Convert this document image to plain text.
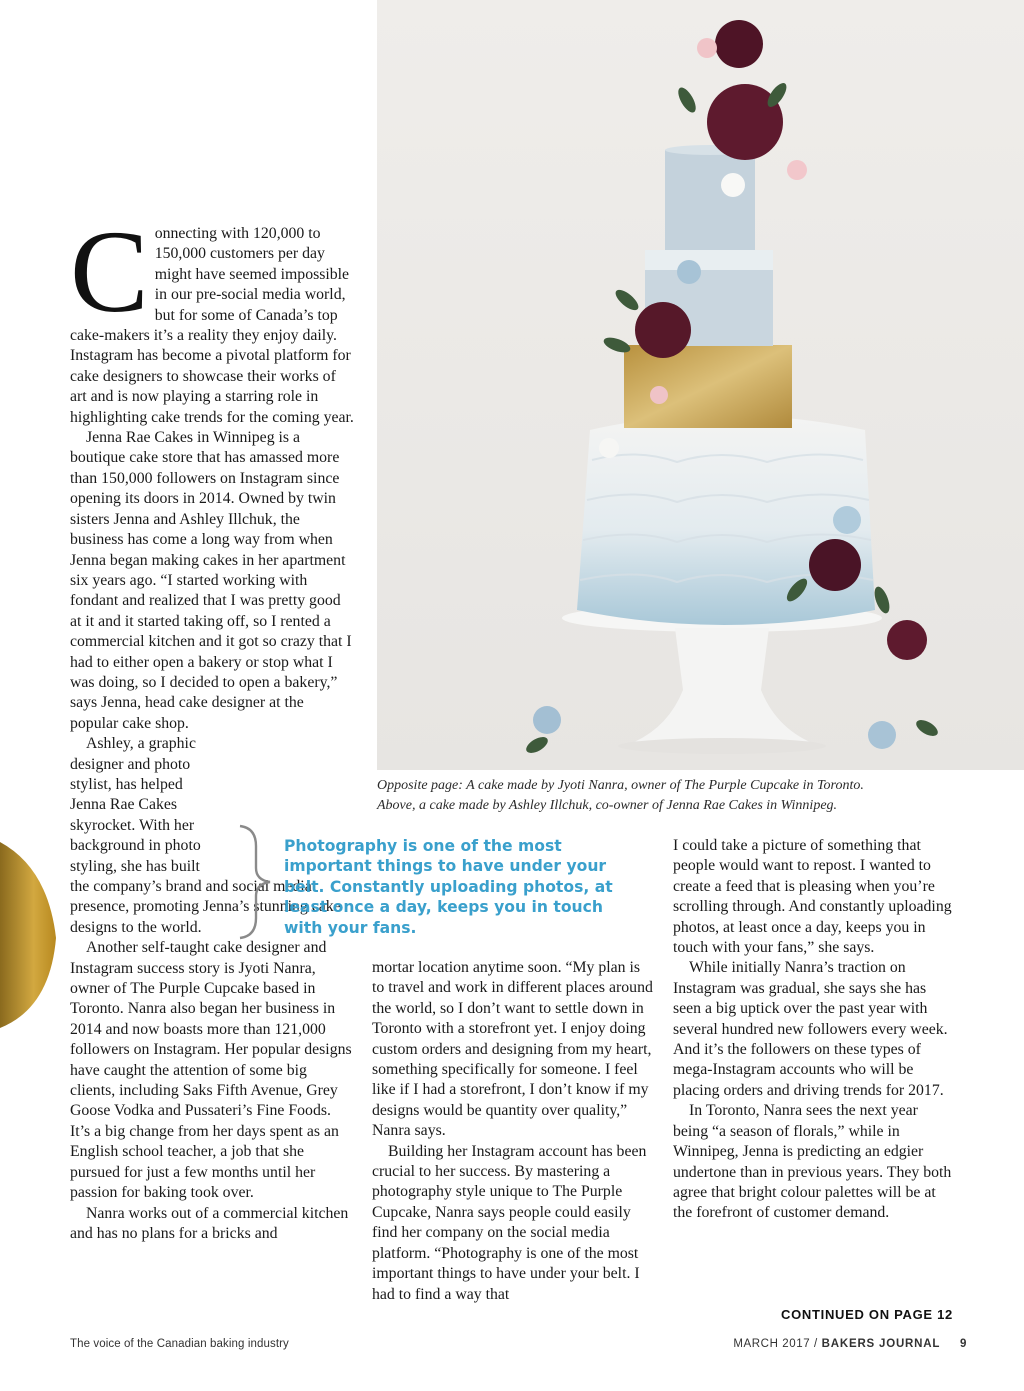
Opposite page: A cake made by Jyoti Nanra, owner of The Purple Cupcake in Toronto.

Above, a cake made by Ashley Illchuk, co-owner of Jenna Rae Cakes in Winnipeg.

C onnecting with 120,000 to 150,000 customers per day might have seemed impossible in our pre-social media world, but for some of Canada’s top cake-makers it’s a reality they enjoy daily. Instagram has become a pivotal platform for cake designers to showcase their works of art and is now playing a starring role in highlighting cake trends for the coming year.

Jenna Rae Cakes in Winnipeg is a boutique cake store that has amassed more than 150,000 followers on Instagram since opening its doors in 2014. Owned by twin sisters Jenna and Ashley Illchuk, the business has come a long way from when Jenna began making cakes in her apartment six years ago. “I started working with fondant and realized that I was pretty good at it and it started taking off, so I rented a commercial kitchen and it got so crazy that I had to either open a bakery or stop what I was doing, so I decided to open a bakery,” says Jenna, head cake designer at the popular cake shop.

Ashley, a graphic designer and photo stylist, has helped Jenna Rae Cakes skyrocket. With her background in photo styling, she has built the company’s brand and social media presence, promoting Jenna’s stunning cake designs to the world.

Another self-taught cake designer and Instagram success story is Jyoti Nanra, owner of The Purple Cupcake based in Toronto. Nanra also began her business in 2014 and now boasts more than 121,000 followers on Instagram. Her popular designs have caught the attention of some big clients, including Saks Fifth Avenue, Grey Goose Vodka and Pussateri’s Fine Foods. It’s a big change from her days spent as an English school teacher, a job that she pursued for just a few months until her passion for baking took over.

Nanra works out of a commercial kitchen and has no plans for a bricks and

Photography is one of the most important things to have under your belt. Constantly uploading photos, at least once a day, keeps you in touch with your fans.

mortar location anytime soon. “My plan is to travel and work in different places around the world, so I don’t want to settle down in Toronto with a storefront yet. I enjoy doing custom orders and designing from my heart, something specifically for someone. I feel like if I had a storefront, I don’t know if my designs would be quantity over quality,” Nanra says.

Building her Instagram account has been crucial to her success. By mastering a photography style unique to The Purple Cupcake, Nanra says people could easily find her company on the social media platform. “Photography is one of the most important things to have under your belt. I had to find a way that

I could take a picture of something that people would want to repost. I wanted to create a feed that is pleasing when you’re scrolling through. And constantly uploading photos, at least once a day, keeps you in touch with your fans,” she says.

While initially Nanra’s traction on Instagram was gradual, she says she has seen a big uptick over the past year with several hundred new followers every week. And it’s the followers on these types of mega-Instagram accounts who will be placing orders and driving trends for 2017.

In Toronto, Nanra sees the next year being “a season of florals,” while in Winnipeg, Jenna is predicting an edgier undertone than in previous years. They both agree that bright colour palettes will be at the forefront of customer demand.

CONTINUED ON PAGE 12
The voice of the Canadian baking industry	MARCH 2017 / BAKERS JOURNAL 9
